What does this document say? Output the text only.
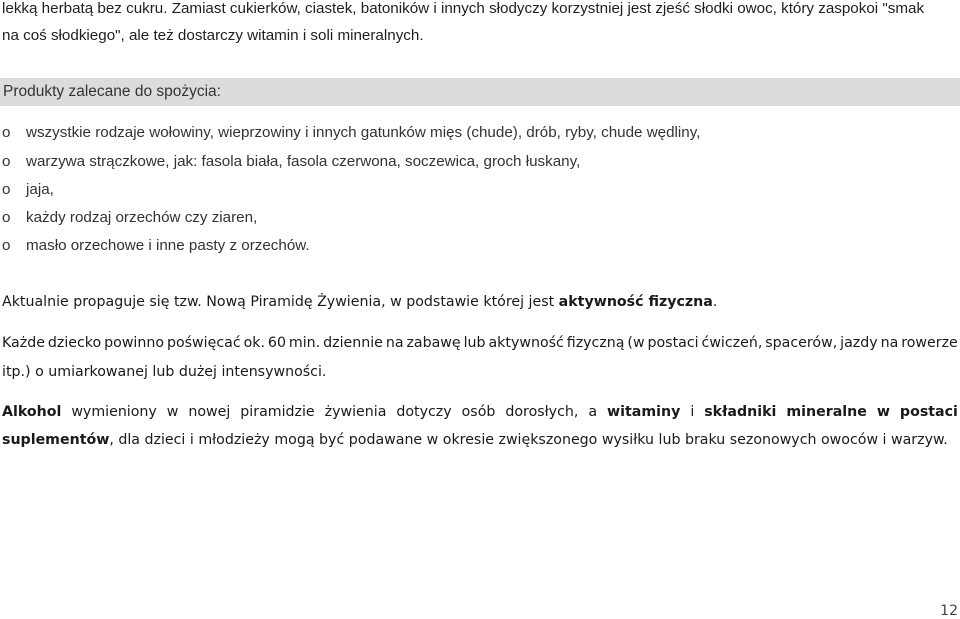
lekką herbatą bez cukru. Zamiast cukierków, ciastek, batoników i innych słodyczy korzystniej jest zjeść słodki owoc, który zaspokoi "smak
na coś słodkiego", ale też dostarczy witamin i soli mineralnych.
Produkty zalecane do spożycia:
o wszystkie rodzaje wołowiny, wieprzowiny i innych gatunków mięs (chude), drób, ryby, chude wędliny,
o warzywa strączkowe, jak: fasola biała, fasola czerwona, soczewica, groch łuskany,
o jaja,
o każdy rodzaj orzechów czy ziaren,
o masło orzechowe i inne pasty z orzechów.
Aktualnie propaguje się tzw. Nową Piramidę Żywienia, w podstawie której jest aktywność fizyczna.
Każde dziecko powinno poświęcać ok. 60 min. dziennie na zabawę lub aktywność fizyczną (w postaci ćwiczeń, spacerów, jazdy na rowerze
itp.) o umiarkowanej lub dużej intensywności.
Alkohol wymieniony w nowej piramidzie żywienia dotyczy osób dorosłych, a witaminy i składniki mineralne w postaci
suplementów, dla dzieci i młodzieży mogą być podawane w okresie zwiększonego wysiłku lub braku sezonowych owoców i warzyw.
12
